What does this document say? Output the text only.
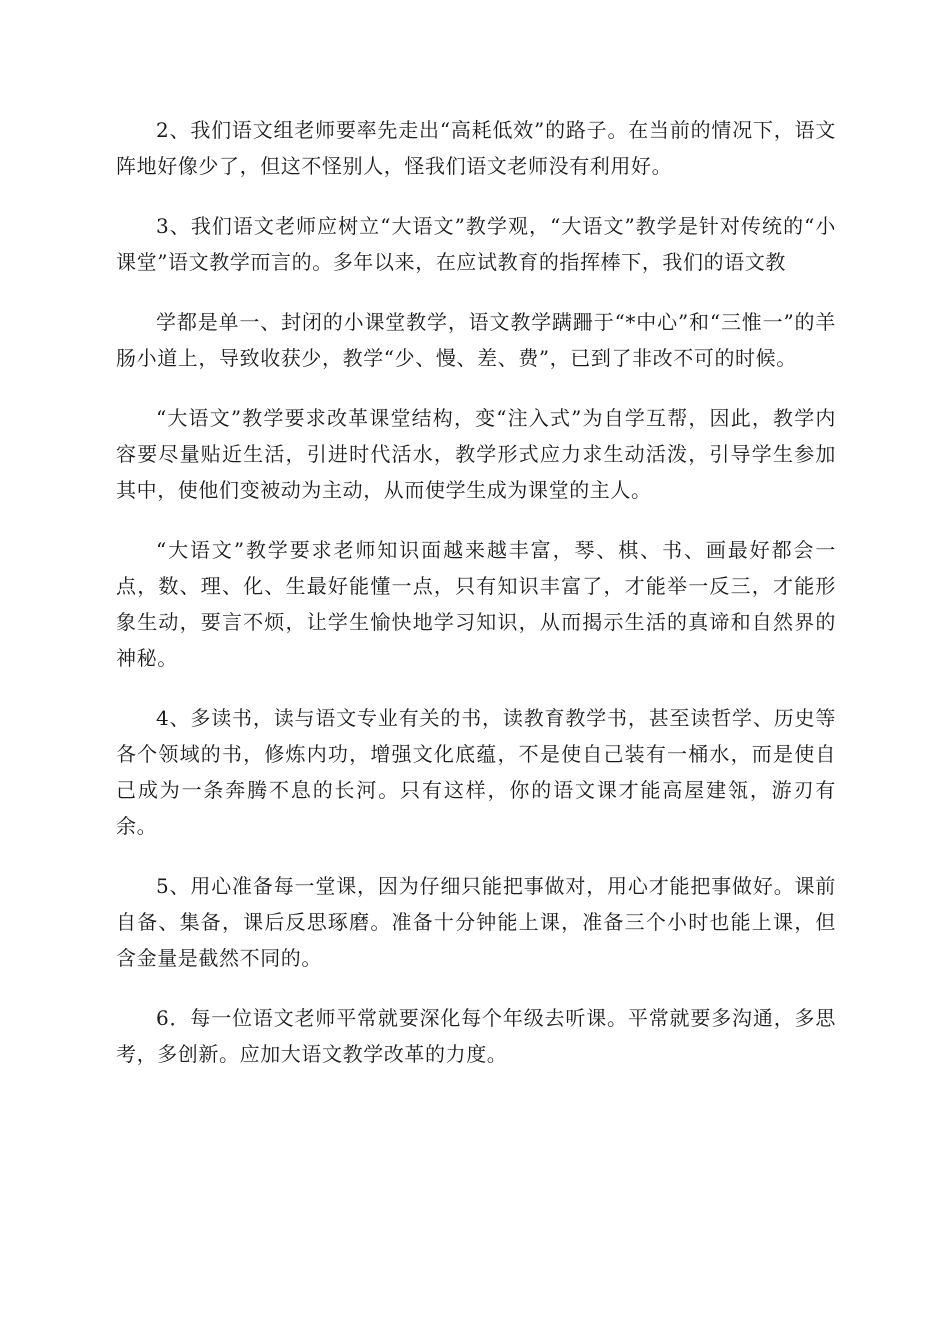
2、我们语文组老师要率先走出“高耗低效”的路子。在当前的情况下，语文阵地好像少了，但这不怪别人，怪我们语文老师没有利用好。

3、我们语文老师应树立“大语文”教学观，“大语文”教学是针对传统的“小课堂”语文教学而言的。多年以来，在应试教育的指挥棒下，我们的语文教

学都是单一、封闭的小课堂教学，语文教学蹒跚于“*中心”和“三惟一”的羊肠小道上，导致收获少，教学“少、慢、差、费”，已到了非改不可的时候。

“大语文”教学要求改革课堂结构，变“注入式”为自学互帮，因此，教学内容要尽量贴近生活，引进时代活水，教学形式应力求生动活泼，引导学生参加其中，使他们变被动为主动，从而使学生成为课堂的主人。

“大语文”教学要求老师知识面越来越丰富，琴、棋、书、画最好都会一点，数、理、化、生最好能懂一点，只有知识丰富了，才能举一反三，才能形象生动，要言不烦，让学生愉快地学习知识，从而揭示生活的真谛和自然界的神秘。

4、多读书，读与语文专业有关的书，读教育教学书，甚至读哲学、历史等各个领域的书，修炼内功，增强文化底蕴，不是使自己装有一桶水，而是使自己成为一条奔腾不息的长河。只有这样，你的语文课才能高屋建瓴，游刃有余。

5、用心准备每一堂课，因为仔细只能把事做对，用心才能把事做好。课前自备、集备，课后反思琢磨。准备十分钟能上课，准备三个小时也能上课，但含金量是截然不同的。

6．每一位语文老师平常就要深化每个年级去听课。平常就要多沟通，多思考，多创新。应加大语文教学改革的力度。
